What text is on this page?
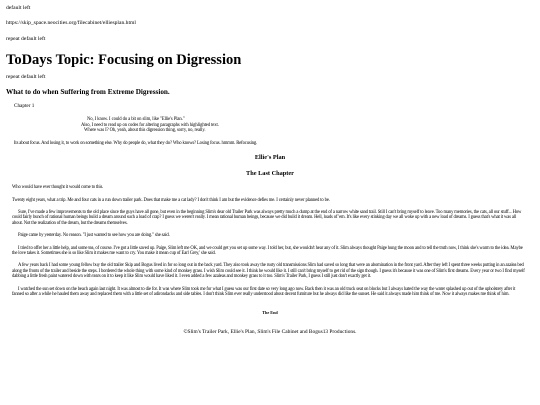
default left

https://skip_space.neocities.org/filecabinet/elliesplan.html

repeat default left

ToDays Topic: Focusing on Digression

repeat default left

What to do when Suffering from Extreme Digression.
Chapter 1
No, I know. I could do a bit on slim, like "Ellie's Plan."
Also, I need to read up on codes for altering paragraphs with highlighted text.
Where was I? Oh, yeah, about this digression thing, sorry, no, really.
Its about focus. And losing it, to work on something else. Why do people do, what they do? Who knows? Losing focus. hmmm. Refocusing.
Ellie's Plan
The Last Chapter
Who would have ever thought it would come to this.
Twenty eight years, what a trip. Me and four cats in a run down trailer park. Does that make me a cat lady? I don't think I am but the evidence defies me. I certainly never planned to be.
Sure, I've made a few improvements to the old place since the guys have all gone, but even in the beginning Slim's dear old Trailer Park was always pretty much a dump at the end of a narrow white sand trail. Still I can't bring myself to leave. Too many memories, the cats, all our stuff... How could fairly bunch of rational human beings build a dream around such a load of crap? I guess we weren't really. I mean rational human beings, because we did build it dream. Hell, loads of 'em. It's like every stinking day we all woke up with a new load of dreams. I guess that's what it was all about. Not the realization of the dream, but the dreams themselves.
Paige came by yesterday. No reason. "I just wanted to see how you are doing." she said.
I tried to offer her a little help, and some tea, of course. I've got a little saved up. Paige, Slim left me OK, and we could get you set up some way. I told her, but, she wouldn't hear any of it. Slim always thought Paige hung the moon and to tell the truth now, I think she's warm to the idea. Maybe the love takes it. Sometimes she is so like Slim it makes me want to cry. You make it mean cup of Earl Grey,' she said.
A few years back I had some young fellow buy the old trailer Skip and Bogus lived in for so long out in the back yard. They also took away the rusty old transmissions Slim had saved so long that were an abomination in the front yard. After they left I spent three weeks putting in an azalea bed along the fronts of the trailer and beside the steps. I bordered the whole thing with some kind of monkey grass. I wish Slim could see it. I think he would like it. I still can't bring myself to get rid of the sign though. I guess it's because it was one of Slim's first dreams. Every year or two I find myself dabbing a little fresh paint watered down with tears on it to keep it like Slim would have liked it. I even added a few azaleas and monkey grass to it too. Slim's Trailer Park, I guess I still just don't exactly get it.
I watched the sun set down on the beach again last night. It was almost to die for. It was where Slim took me for what I guess was our first date so very long ago now. Back then it was an old truck seat on blocks but I always hated the way the water splashed up out of the upholstery after it fanned so after a while he hauled them away and replaced them with a little set of adirondacks and side tables. I don't think Slim ever really understood about decent furniture but he always did like the sunset. He said it always made him think of me. Now it always makes me think of him.
The End
©Slim's Trailer Park, Ellie's Plan, Slim's File Cabinet and Bogus13 Productions.
